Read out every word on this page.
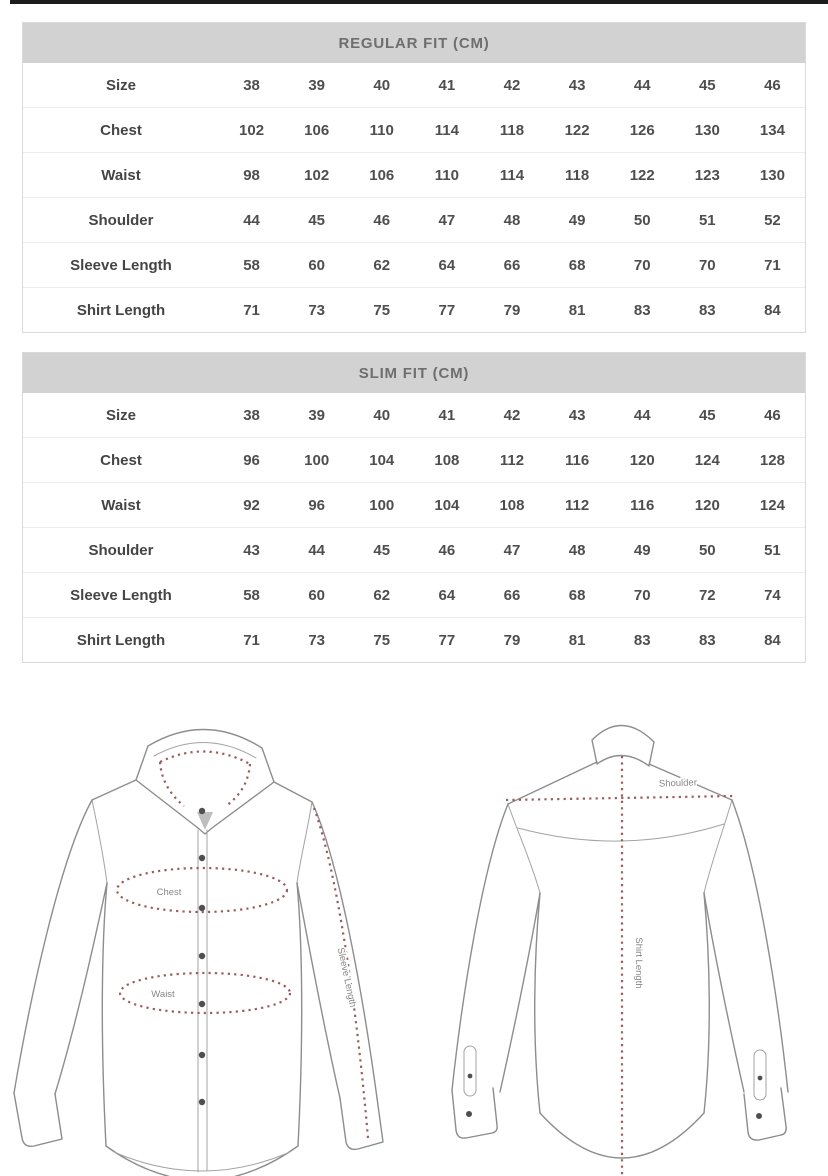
REGULAR FIT (CM)
Size	38	39	40	41	42	43	44	45	46
Chest	102	106	110	114	118	122	126	130	134
Waist	98	102	106	110	114	118	122	123	130
Shoulder	44	45	46	47	48	49	50	51	52
Sleeve Length	58	60	62	64	66	68	70	70	71
Shirt Length	71	73	75	77	79	81	83	83	84
SLIM FIT (CM)
Size	38	39	40	41	42	43	44	45	46
Chest	96	100	104	108	112	116	120	124	128
Waist	92	96	100	104	108	112	116	120	124
Shoulder	43	44	45	46	47	48	49	50	51
Sleeve Length	58	60	62	64	66	68	70	72	74
Shirt Length	71	73	75	77	79	81	83	83	84
Sleeve Length
Chest
Waist
Shoulder
Shirt Length
